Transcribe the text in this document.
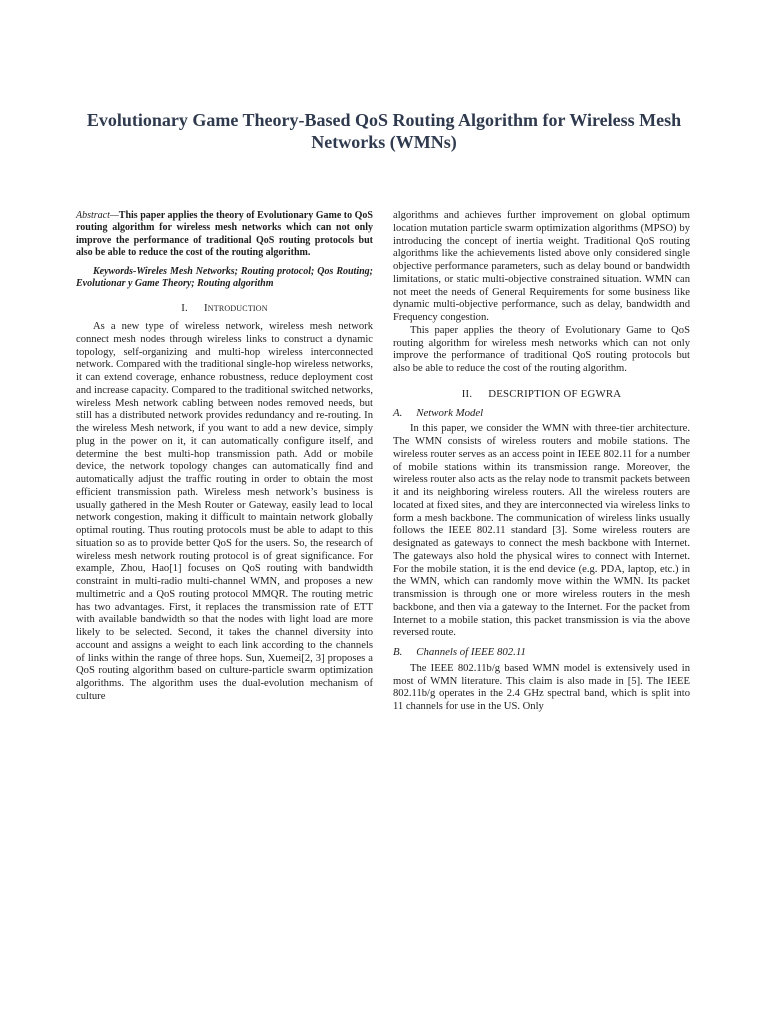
Evolutionary Game Theory-Based QoS Routing Algorithm for Wireless Mesh Networks (WMNs)

Abstract—This paper applies the theory of Evolutionary Game to QoS routing algorithm for wireless mesh networks which can not only improve the performance of traditional QoS routing protocols but also be able to reduce the cost of the routing algorithm.

Keywords-Wireles Mesh Networks; Routing protocol; Qos Routing; Evolutionar y Game Theory; Routing algorithm

I. Introduction

As a new type of wireless network, wireless mesh network connect mesh nodes through wireless links to construct a dynamic topology, self-organizing and multi-hop wireless interconnected network. Compared with the traditional single-hop wireless networks, it can extend coverage, enhance robustness, reduce deployment cost and increase capacity. Compared to the traditional switched networks, wireless Mesh network cabling between nodes removed needs, but still has a distributed network provides redundancy and re-routing. In the wireless Mesh network, if you want to add a new device, simply plug in the power on it, it can automatically configure itself, and determine the best multi-hop transmission path. Add or mobile device, the network topology changes can automatically find and automatically adjust the traffic routing in order to obtain the most efficient transmission path. Wireless mesh network’s business is usually gathered in the Mesh Router or Gateway, easily lead to local network congestion, making it difficult to maintain network globally optimal routing. Thus routing protocols must be able to adapt to this situation so as to provide better QoS for the users. So, the research of wireless mesh network routing protocol is of great significance. For example, Zhou, Hao[1] focuses on QoS routing with bandwidth constraint in multi-radio multi-channel WMN, and proposes a new multimetric and a QoS routing protocol MMQR. The routing metric has two advantages. First, it replaces the transmission rate of ETT with available bandwidth so that the nodes with light load are more likely to be selected. Second, it takes the channel diversity into account and assigns a weight to each link according to the channels of links within the range of three hops. Sun, Xuemei[2, 3] proposes a QoS routing algorithm based on culture-particle swarm optimization algorithms. The algorithm uses the dual-evolution mechanism of culture

algorithms and achieves further improvement on global optimum location mutation particle swarm optimization algorithms (MPSO) by introducing the concept of inertia weight. Traditional QoS routing algorithms like the achievements listed above only considered single objective performance parameters, such as delay bound or bandwidth limitations, or static multi-objective constrained situation. WMN can not meet the needs of General Requirements for some business like dynamic multi-objective performance, such as delay, bandwidth and Frequency congestion.

This paper applies the theory of Evolutionary Game to QoS routing algorithm for wireless mesh networks which can not only improve the performance of traditional QoS routing protocols but also be able to reduce the cost of the routing algorithm.

II. DESCRIPTION OF EGWRA

A. Network Model

In this paper, we consider the WMN with three-tier architecture. The WMN consists of wireless routers and mobile stations. The wireless router serves as an access point in IEEE 802.11 for a number of mobile stations within its transmission range. Moreover, the wireless router also acts as the relay node to transmit packets between it and its neighboring wireless routers. All the wireless routers are located at fixed sites, and they are interconnected via wireless links to form a mesh backbone. The communication of wireless links usually follows the IEEE 802.11 standard [3]. Some wireless routers are designated as gateways to connect the mesh backbone with Internet. The gateways also hold the physical wires to connect with Internet. For the mobile station, it is the end device (e.g. PDA, laptop, etc.) in the WMN, which can randomly move within the WMN. Its packet transmission is through one or more wireless routers in the mesh backbone, and then via a gateway to the Internet. For the packet from Internet to a mobile station, this packet transmission is via the above reversed route.

B. Channels of IEEE 802.11

The IEEE 802.11b/g based WMN model is extensively used in most of WMN literature. This claim is also made in [5]. The IEEE 802.11b/g operates in the 2.4 GHz spectral band, which is split into 11 channels for use in the US. Only
